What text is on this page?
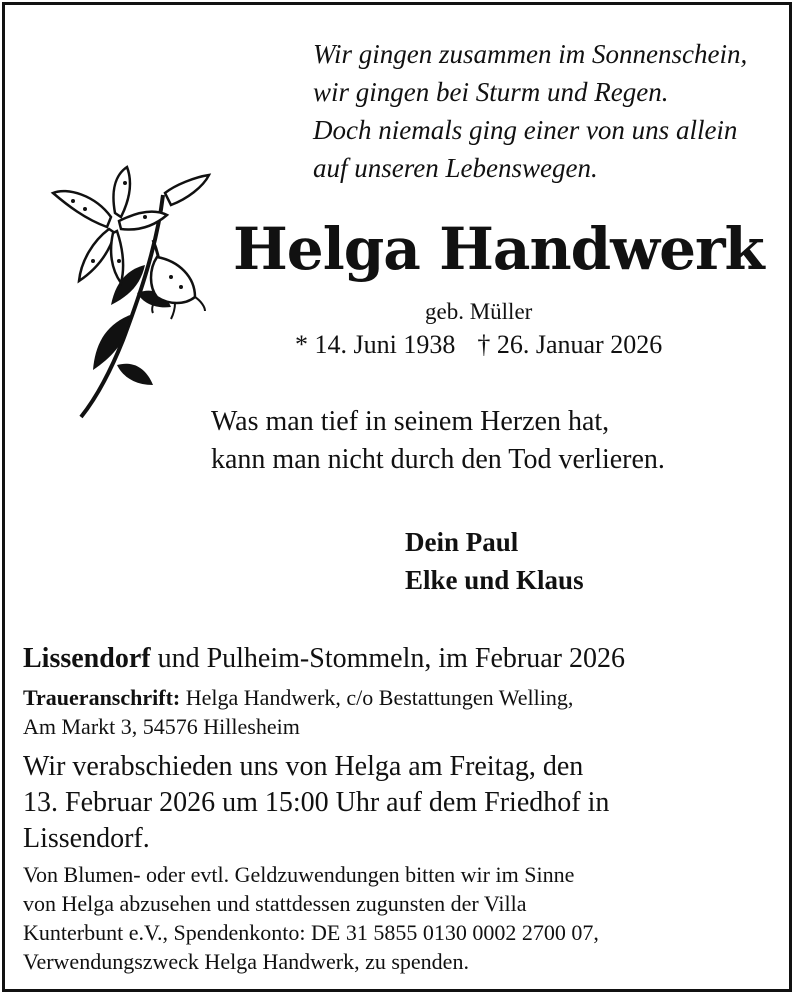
Wir gingen zusammen im Sonnenschein,
wir gingen bei Sturm und Regen.
Doch niemals ging einer von uns allein
auf unseren Lebenswegen.
Helga Handwerk
geb. Müller
* 14. Juni 1938 † 26. Januar 2026
Was man tief in seinem Herzen hat,
kann man nicht durch den Tod verlieren.
Dein Paul
Elke und Klaus
Lissendorf und Pulheim-Stommeln, im Februar 2026
Traueranschrift: Helga Handwerk, c/o Bestattungen Welling,
Am Markt 3, 54576 Hillesheim
Wir verabschieden uns von Helga am Freitag, den
13. Februar 2026 um 15:00 Uhr auf dem Friedhof in
Lissendorf.
Von Blumen- oder evtl. Geldzuwendungen bitten wir im Sinne
von Helga abzusehen und stattdessen zugunsten der Villa
Kunterbunt e.V., Spendenkonto: DE 31 5855 0130 0002 2700 07,
Verwendungszweck Helga Handwerk, zu spenden.
